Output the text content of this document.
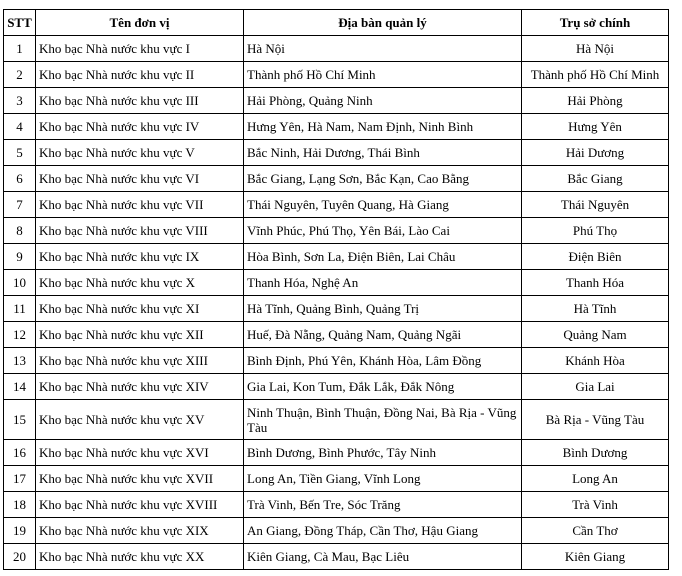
STT	Tên đơn vị	Địa bàn quản lý	Trụ sở chính
1	Kho bạc Nhà nước khu vực I	Hà Nội	Hà Nội
2	Kho bạc Nhà nước khu vực II	Thành phố Hồ Chí Minh	Thành phố Hồ Chí Minh
3	Kho bạc Nhà nước khu vực III	Hải Phòng, Quảng Ninh	Hải Phòng
4	Kho bạc Nhà nước khu vực IV	Hưng Yên, Hà Nam, Nam Định, Ninh Bình	Hưng Yên
5	Kho bạc Nhà nước khu vực V	Bắc Ninh, Hải Dương, Thái Bình	Hải Dương
6	Kho bạc Nhà nước khu vực VI	Bắc Giang, Lạng Sơn, Bắc Kạn, Cao Bằng	Bắc Giang
7	Kho bạc Nhà nước khu vực VII	Thái Nguyên, Tuyên Quang, Hà Giang	Thái Nguyên
8	Kho bạc Nhà nước khu vực VIII	Vĩnh Phúc, Phú Thọ, Yên Bái, Lào Cai	Phú Thọ
9	Kho bạc Nhà nước khu vực IX	Hòa Bình, Sơn La, Điện Biên, Lai Châu	Điện Biên
10	Kho bạc Nhà nước khu vực X	Thanh Hóa, Nghệ An	Thanh Hóa
11	Kho bạc Nhà nước khu vực XI	Hà Tĩnh, Quảng Bình, Quảng Trị	Hà Tĩnh
12	Kho bạc Nhà nước khu vực XII	Huế, Đà Nẵng, Quảng Nam, Quảng Ngãi	Quảng Nam
13	Kho bạc Nhà nước khu vực XIII	Bình Định, Phú Yên, Khánh Hòa, Lâm Đồng	Khánh Hòa
14	Kho bạc Nhà nước khu vực XIV	Gia Lai, Kon Tum, Đắk Lắk, Đắk Nông	Gia Lai
15	Kho bạc Nhà nước khu vực XV	Ninh Thuận, Bình Thuận, Đồng Nai, Bà Rịa - Vũng Tàu	Bà Rịa - Vũng Tàu
16	Kho bạc Nhà nước khu vực XVI	Bình Dương, Bình Phước, Tây Ninh	Bình Dương
17	Kho bạc Nhà nước khu vực XVII	Long An, Tiền Giang, Vĩnh Long	Long An
18	Kho bạc Nhà nước khu vực XVIII	Trà Vinh, Bến Tre, Sóc Trăng	Trà Vinh
19	Kho bạc Nhà nước khu vực XIX	An Giang, Đồng Tháp, Cần Thơ, Hậu Giang	Cần Thơ
20	Kho bạc Nhà nước khu vực XX	Kiên Giang, Cà Mau, Bạc Liêu	Kiên Giang
